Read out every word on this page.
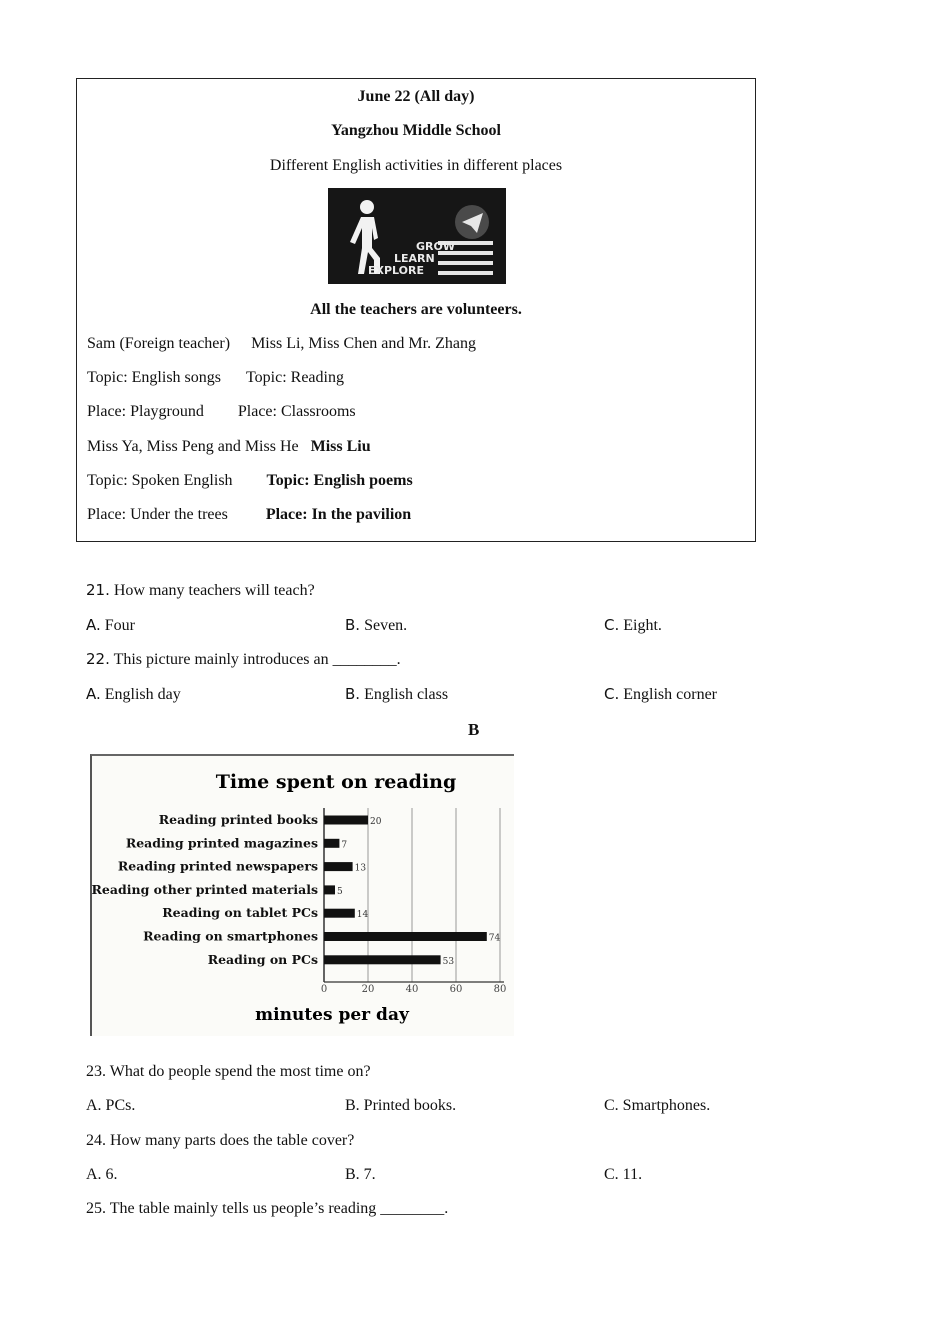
June 22 (All day)
Yangzhou Middle School
Different English activities in different places
GROW
LEARN
EXPLORE
All the teachers are volunteers.
Sam (Foreign teacher) Miss Li, Miss Chen and Mr. Zhang
Topic: English songs Topic: Reading
Place: Playground Place: Classrooms
Miss Ya, Miss Peng and Miss He Miss Liu
Topic: Spoken English Topic: English poems
Place: Under the trees Place: In the pavilion
21. How many teachers will teach?
A. Four	B. Seven.	C. Eight.
22. This picture mainly introduces an ________.
A. English day	B. English class	C. English corner
B
Time spent on reading
Reading printed books	20
Reading printed magazines	7
Reading printed newspapers	13
Reading other printed materials 5
Reading on tablet PCs	14
Reading on smartphones	74
Reading on PCs	53
0	20	40	60	80
minutes per day
23. What do people spend the most time on?
A. PCs.	B. Printed books.	C. Smartphones.
24. How many parts does the table cover?
A. 6.	B. 7.	C. 11.
25. The table mainly tells us people’s reading ________.
